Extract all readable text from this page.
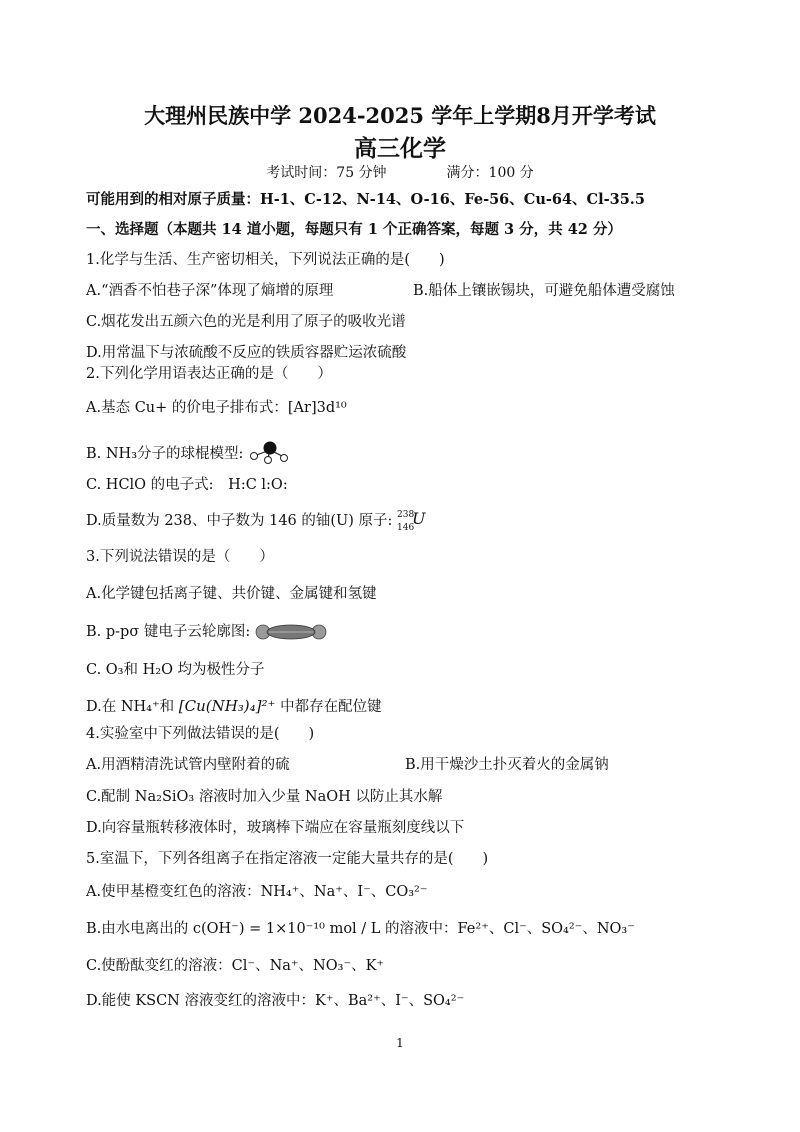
大理州民族中学 2024-2025 学年上学期8月开学考试
高三化学
考试时间：75 分钟	满分：100 分
可能用到的相对原子质量：H-1、C-12、N-14、O-16、Fe-56、Cu-64、Cl-35.5
一、选择题（本题共 14 道小题，每题只有 1 个正确答案，每题 3 分，共 42 分）
1.化学与生活、生产密切相关，下列说法正确的是(　　)
A.“酒香不怕巷子深”体现了熵增的原理	B.船体上镶嵌锡块，可避免船体遭受腐蚀
C.烟花发出五颜六色的光是利用了原子的吸收光谱
D.用常温下与浓硫酸不反应的铁质容器贮运浓硫酸
2.下列化学用语表达正确的是（　　）
A.基态 Cu+ 的价电子排布式：[Ar]3d¹⁰
B. NH₃分子的球棍模型:
C. HClO 的电子式: H:C l:O:
D.质量数为 238、中子数为 146 的铀(U) 原子: 238
146
U
3.下列说法错误的是（　　）
A.化学键包括离子键、共价键、金属键和氢键
B. p-pσ 键电子云轮廓图:
C. O₃和 H₂O 均为极性分子
D.在 NH₄⁺和 [Cu(NH₃)₄]²⁺ 中都存在配位键
4.实验室中下列做法错误的是(　　)
A.用酒精清洗试管内壁附着的硫	B.用干燥沙土扑灭着火的金属钠
C.配制 Na₂SiO₃ 溶液时加入少量 NaOH 以防止其水解
D.向容量瓶转移液体时，玻璃棒下端应在容量瓶刻度线以下
5.室温下，下列各组离子在指定溶液一定能大量共存的是(　　)
A.使甲基橙变红色的溶液：NH₄⁺、Na⁺、I⁻、CO₃²⁻
B.由水电离出的 c(OH⁻) = 1×10⁻¹⁰ mol / L 的溶液中：Fe²⁺、Cl⁻、SO₄²⁻、NO₃⁻
C.使酚酞变红的溶液：Cl⁻、Na⁺、NO₃⁻、K⁺
D.能使 KSCN 溶液变红的溶液中：K⁺、Ba²⁺、I⁻、SO₄²⁻
1
